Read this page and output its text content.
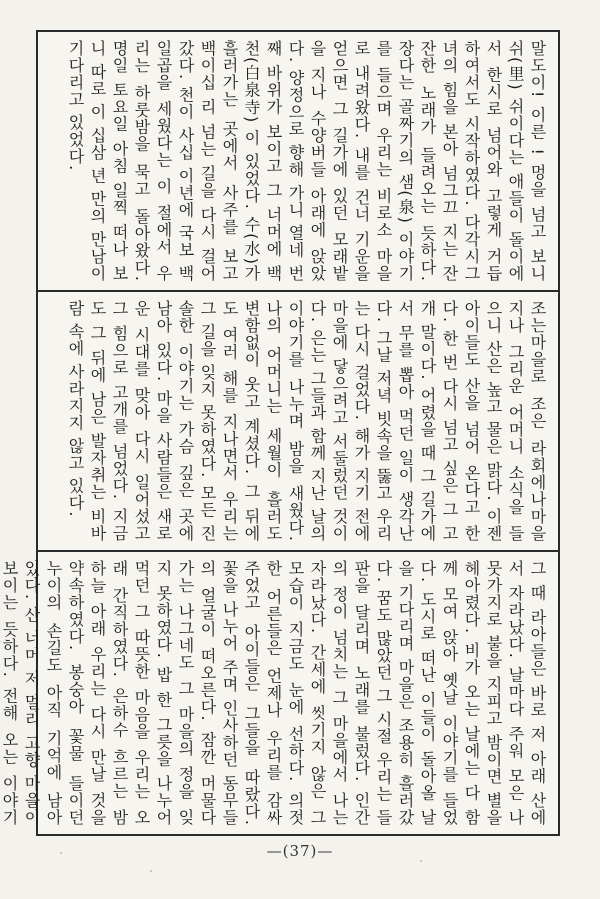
말도이! 이른 ! 멍을 넘고 보니 쉬(里) 쉬이다는 애들이 돌이에서 한시로 넘어와 고렇게 거듭 하여서도 시작하였다. 다각시그녀의 힘을 본아 넘그끄 지는 잔잔한 노래가 들려오는 듯하다. 장다는 골짜기의 샘(泉) 이야기를 들으며 우리는 비로소 마을로 내려왔다. 내를 건너 기운을 얻으면 그 길가에 있던 모래밭을 지나 수양버들 아래에 앉았다. 양정으로 향해 가니 열네 번째 바위가 보이고 그 너머에 백천(白泉寺) 이 있었다. 수(水)가 흘러가는 곳에서 사주를 보고 백이십 리 넘는 길을 다시 걸어 갔다. 천이 사십 이년에 국보 백일곱을 세웠다는 이 절에서 우리는 하룻밤을 묵고 돌아왔다. 명일 토요일 아침 일찍 떠나 보니 따로 이 십삼 년 만의 만남이 기다리고 있었다.
조는마을로 조은 라회에나마을 지나 그리운 어머니 소식을 들으니 산은 높고 물은 맑다. 이젠 아이들도 산을 넘어 온다고 한다. 한 번 다시 넘고 싶은 그 고개 말이다. 어렸을 때 그 길가에서 무를 뽑아 먹던 일이 생각난다. 그날 저녁 빗속을 뚫고 우리는 다시 걸었다. 해가 지기 전에 마을에 닿으려고 서둘렀던 것이다. 은는 그들과 함께 지난 날의 이야기를 나누며 밤을 새웠다. 나의 어머니는 세월이 흘러도 변함없이 웃고 계셨다. 그 뒤에도 여러 해를 지나면서 우리는 그 길을 잊지 못하였다. 모든 진솔한 이야기는 가슴 깊은 곳에 남아 있다. 마을 사람들은 새로운 시대를 맞아 다시 일어섰고 그 힘으로 고개를 넘었다. 지금도 그 뒤에 남은 발자취는 비바람 속에 사라지지 않고 있다.
그 때 라아들은 바로 저 아래 산에서 자라났다. 날마다 주워 모은 나뭇가지로 불을 지피고 밤이면 별을 헤아렸다. 비가 오는 날에는 다 함께 모여 앉아 옛날 이야기를 들었다. 도시로 떠난 이들이 돌아올 날을 기다리며 마을은 조용히 흘러갔다. 꿈도 많았던 그 시절 우리는 들판을 달리며 노래를 불렀다. 인간의 정이 넘치는 그 마을에서 나는 자라났다. 간세에 씻기지 않은 그 모습이 지금도 눈에 선하다. 의젓한 어른들은 언제나 우리를 감싸 주었고 아이들은 그들을 따랐다. 꽃을 나누어 주며 인사하던 동무들의 얼굴이 떠오른다. 잠깐 머물다 가는 나그네도 그 마을의 정을 잊지 못하였다. 밥 한 그릇을 나누어 먹던 그 따뜻한 마음을 우리는 오래 간직하였다. 은하수 흐르는 밤하늘 아래 우리는 다시 만날 것을 약속하였다. 봉숭아 꽃물 들이던 누이의 손길도 아직 기억에 남아 있다. 산 너머 저 멀리 고향 마을이 보이는 듯하다. 전해 오는 이야기
—(37)—
